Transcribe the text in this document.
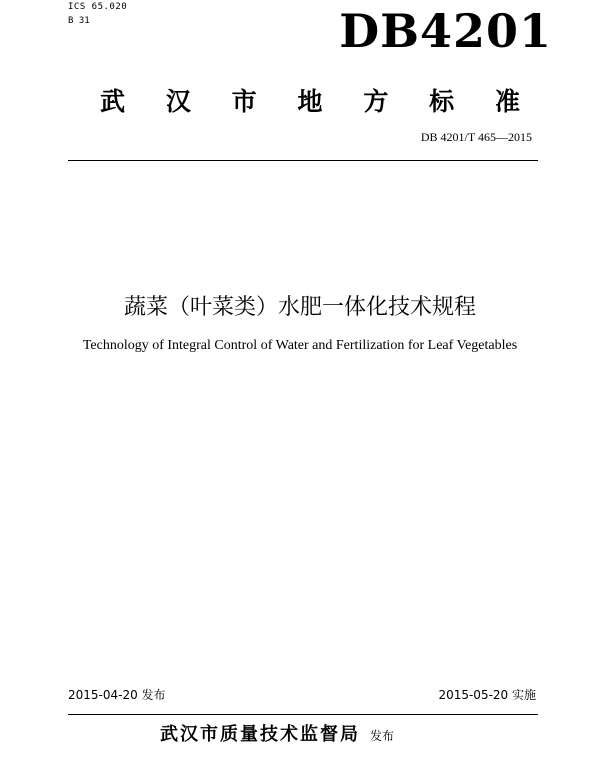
ICS 65.020
B 31	DB4201
武 汉 市 地 方 标 准
DB 4201/T 465—2015
蔬菜（叶菜类）水肥一体化技术规程
Technology of Integral Control of Water and Fertilization for Leaf Vegetables
2015-04-20 发布	2015-05-20 实施
武汉市质量技术监督局 发布
